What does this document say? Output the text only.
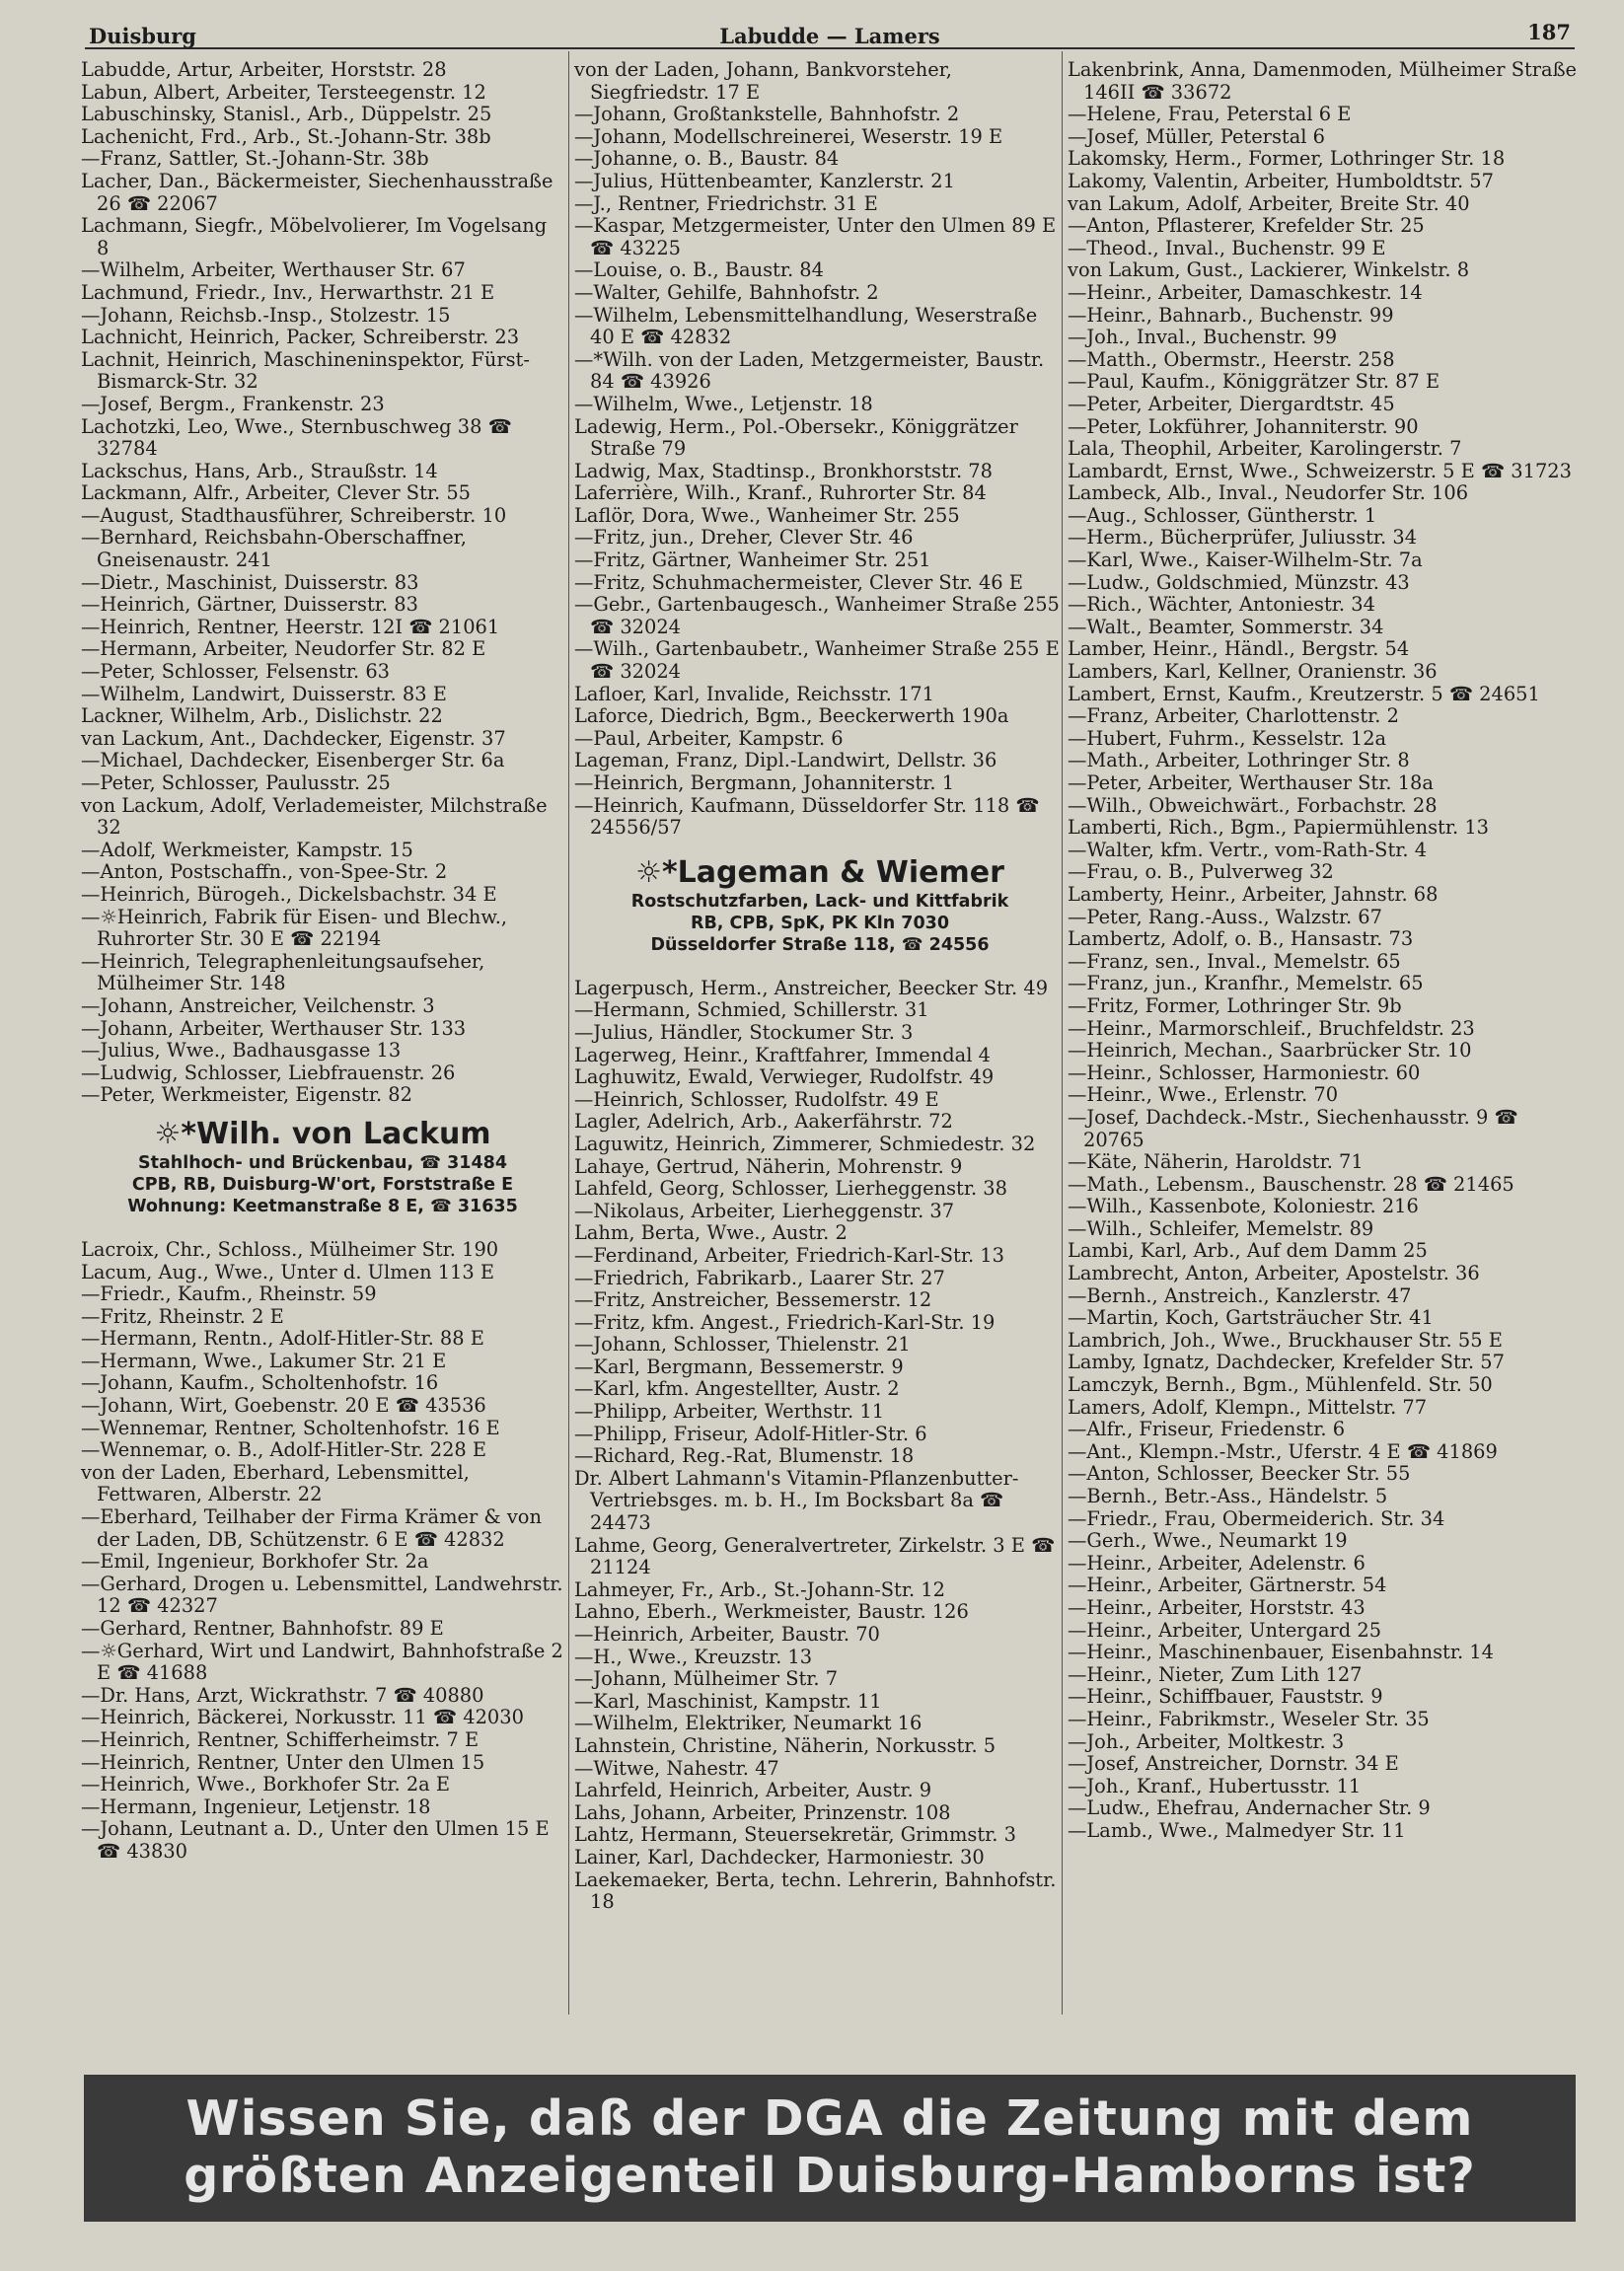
Duisburg	Labudde — Lamers	187
Labudde, Artur, Arbeiter, Horststr. 28
Labun, Albert, Arbeiter, Tersteegenstr. 12
Labuschinsky, Stanisl., Arb., Düppelstr. 25
Lachenicht, Frd., Arb., St.-Johann-Str. 38b
—Franz, Sattler, St.-Johann-Str. 38b
Lacher, Dan., Bäckermeister, Siechenhausstraße 26 ☎ 22067
Lachmann, Siegfr., Möbelvolierer, Im Vogelsang 8
—Wilhelm, Arbeiter, Werthauser Str. 67
Lachmund, Friedr., Inv., Herwarthstr. 21 E
—Johann, Reichsb.-Insp., Stolzestr. 15
Lachnicht, Heinrich, Packer, Schreiberstr. 23
Lachnit, Heinrich, Maschineninspektor, Fürst-Bismarck-Str. 32
—Josef, Bergm., Frankenstr. 23
Lachotzki, Leo, Wwe., Sternbuschweg 38 ☎ 32784
Lackschus, Hans, Arb., Straußstr. 14
Lackmann, Alfr., Arbeiter, Clever Str. 55
—August, Stadthausführer, Schreiberstr. 10
—Bernhard, Reichsbahn-Oberschaffner, Gneisenaustr. 241
—Dietr., Maschinist, Duisserstr. 83
—Heinrich, Gärtner, Duisserstr. 83
—Heinrich, Rentner, Heerstr. 12I ☎ 21061
—Hermann, Arbeiter, Neudorfer Str. 82 E
—Peter, Schlosser, Felsenstr. 63
—Wilhelm, Landwirt, Duisserstr. 83 E
Lackner, Wilhelm, Arb., Dislichstr. 22
van Lackum, Ant., Dachdecker, Eigenstr. 37
—Michael, Dachdecker, Eisenberger Str. 6a
—Peter, Schlosser, Paulusstr. 25
von Lackum, Adolf, Verlademeister, Milchstraße 32
—Adolf, Werkmeister, Kampstr. 15
—Anton, Postschaffn., von-Spee-Str. 2
—Heinrich, Bürogeh., Dickelsbachstr. 34 E
—☼Heinrich, Fabrik für Eisen- und Blechw., Ruhrorter Str. 30 E ☎ 22194
—Heinrich, Telegraphenleitungsaufseher, Mülheimer Str. 148
—Johann, Anstreicher, Veilchenstr. 3
—Johann, Arbeiter, Werthauser Str. 133
—Julius, Wwe., Badhausgasse 13
—Ludwig, Schlosser, Liebfrauenstr. 26
—Peter, Werkmeister, Eigenstr. 82
☼*Wilh. von Lackum
Stahlhoch- und Brückenbau, ☎ 31484
CPB, RB, Duisburg-W'ort, Forststraße E
Wohnung: Keetmanstraße 8 E, ☎ 31635
Lacroix, Chr., Schloss., Mülheimer Str. 190
Lacum, Aug., Wwe., Unter d. Ulmen 113 E
—Friedr., Kaufm., Rheinstr. 59
—Fritz, Rheinstr. 2 E
—Hermann, Rentn., Adolf-Hitler-Str. 88 E
—Hermann, Wwe., Lakumer Str. 21 E
—Johann, Kaufm., Scholtenhofstr. 16
—Johann, Wirt, Goebenstr. 20 E ☎ 43536
—Wennemar, Rentner, Scholtenhofstr. 16 E
—Wennemar, o. B., Adolf-Hitler-Str. 228 E
von der Laden, Eberhard, Lebensmittel, Fettwaren, Alberstr. 22
—Eberhard, Teilhaber der Firma Krämer & von der Laden, DB, Schützenstr. 6 E ☎ 42832
—Emil, Ingenieur, Borkhofer Str. 2a
—Gerhard, Drogen u. Lebensmittel, Landwehrstr. 12 ☎ 42327
—Gerhard, Rentner, Bahnhofstr. 89 E
—☼Gerhard, Wirt und Landwirt, Bahnhofstraße 2 E ☎ 41688
—Dr. Hans, Arzt, Wickrathstr. 7 ☎ 40880
—Heinrich, Bäckerei, Norkusstr. 11 ☎ 42030
—Heinrich, Rentner, Schifferheimstr. 7 E
—Heinrich, Rentner, Unter den Ulmen 15
—Heinrich, Wwe., Borkhofer Str. 2a E
—Hermann, Ingenieur, Letjenstr. 18
—Johann, Leutnant a. D., Unter den Ulmen 15 E ☎ 43830
von der Laden, Johann, Bankvorsteher, Siegfriedstr. 17 E
—Johann, Großtankstelle, Bahnhofstr. 2
—Johann, Modellschreinerei, Weserstr. 19 E
—Johanne, o. B., Baustr. 84
—Julius, Hüttenbeamter, Kanzlerstr. 21
—J., Rentner, Friedrichstr. 31 E
—Kaspar, Metzgermeister, Unter den Ulmen 89 E ☎ 43225
—Louise, o. B., Baustr. 84
—Walter, Gehilfe, Bahnhofstr. 2
—Wilhelm, Lebensmittelhandlung, Weserstraße 40 E ☎ 42832
—*Wilh. von der Laden, Metzgermeister, Baustr. 84 ☎ 43926
—Wilhelm, Wwe., Letjenstr. 18
Ladewig, Herm., Pol.-Obersekr., Königgrätzer Straße 79
Ladwig, Max, Stadtinsp., Bronkhorststr. 78
Laferrière, Wilh., Kranf., Ruhrorter Str. 84
Laflör, Dora, Wwe., Wanheimer Str. 255
—Fritz, jun., Dreher, Clever Str. 46
—Fritz, Gärtner, Wanheimer Str. 251
—Fritz, Schuhmachermeister, Clever Str. 46 E
—Gebr., Gartenbaugesch., Wanheimer Straße 255 ☎ 32024
—Wilh., Gartenbaubetr., Wanheimer Straße 255 E ☎ 32024
Lafloer, Karl, Invalide, Reichsstr. 171
Laforce, Diedrich, Bgm., Beeckerwerth 190a
—Paul, Arbeiter, Kampstr. 6
Lageman, Franz, Dipl.-Landwirt, Dellstr. 36
—Heinrich, Bergmann, Johanniterstr. 1
—Heinrich, Kaufmann, Düsseldorfer Str. 118 ☎ 24556/57
☼*Lageman & Wiemer
Rostschutzfarben, Lack- und Kittfabrik
RB, CPB, SpK, PK Kln 7030
Düsseldorfer Straße 118, ☎ 24556
Lagerpusch, Herm., Anstreicher, Beecker Str. 49
—Hermann, Schmied, Schillerstr. 31
—Julius, Händler, Stockumer Str. 3
Lagerweg, Heinr., Kraftfahrer, Immendal 4
Laghuwitz, Ewald, Verwieger, Rudolfstr. 49
—Heinrich, Schlosser, Rudolfstr. 49 E
Lagler, Adelrich, Arb., Aakerfährstr. 72
Laguwitz, Heinrich, Zimmerer, Schmiedestr. 32
Lahaye, Gertrud, Näherin, Mohrenstr. 9
Lahfeld, Georg, Schlosser, Lierheggenstr. 38
—Nikolaus, Arbeiter, Lierheggenstr. 37
Lahm, Berta, Wwe., Austr. 2
—Ferdinand, Arbeiter, Friedrich-Karl-Str. 13
—Friedrich, Fabrikarb., Laarer Str. 27
—Fritz, Anstreicher, Bessemerstr. 12
—Fritz, kfm. Angest., Friedrich-Karl-Str. 19
—Johann, Schlosser, Thielenstr. 21
—Karl, Bergmann, Bessemerstr. 9
—Karl, kfm. Angestellter, Austr. 2
—Philipp, Arbeiter, Werthstr. 11
—Philipp, Friseur, Adolf-Hitler-Str. 6
—Richard, Reg.-Rat, Blumenstr. 18
Dr. Albert Lahmann's Vitamin-Pflanzenbutter-Vertriebsges. m. b. H., Im Bocksbart 8a ☎ 24473
Lahme, Georg, Generalvertreter, Zirkelstr. 3 E ☎ 21124
Lahmeyer, Fr., Arb., St.-Johann-Str. 12
Lahno, Eberh., Werkmeister, Baustr. 126
—Heinrich, Arbeiter, Baustr. 70
—H., Wwe., Kreuzstr. 13
—Johann, Mülheimer Str. 7
—Karl, Maschinist, Kampstr. 11
—Wilhelm, Elektriker, Neumarkt 16
Lahnstein, Christine, Näherin, Norkusstr. 5
—Witwe, Nahestr. 47
Lahrfeld, Heinrich, Arbeiter, Austr. 9
Lahs, Johann, Arbeiter, Prinzenstr. 108
Lahtz, Hermann, Steuersekretär, Grimmstr. 3
Lainer, Karl, Dachdecker, Harmoniestr. 30
Laekemaeker, Berta, techn. Lehrerin, Bahnhofstr. 18
Lakenbrink, Anna, Damenmoden, Mülheimer Straße 146II ☎ 33672
—Helene, Frau, Peterstal 6 E
—Josef, Müller, Peterstal 6
Lakomsky, Herm., Former, Lothringer Str. 18
Lakomy, Valentin, Arbeiter, Humboldtstr. 57
van Lakum, Adolf, Arbeiter, Breite Str. 40
—Anton, Pflasterer, Krefelder Str. 25
—Theod., Inval., Buchenstr. 99 E
von Lakum, Gust., Lackierer, Winkelstr. 8
—Heinr., Arbeiter, Damaschkestr. 14
—Heinr., Bahnarb., Buchenstr. 99
—Joh., Inval., Buchenstr. 99
—Matth., Obermstr., Heerstr. 258
—Paul, Kaufm., Königgrätzer Str. 87 E
—Peter, Arbeiter, Diergardtstr. 45
—Peter, Lokführer, Johanniterstr. 90
Lala, Theophil, Arbeiter, Karolingerstr. 7
Lambardt, Ernst, Wwe., Schweizerstr. 5 E ☎ 31723
Lambeck, Alb., Inval., Neudorfer Str. 106
—Aug., Schlosser, Güntherstr. 1
—Herm., Bücherprüfer, Juliusstr. 34
—Karl, Wwe., Kaiser-Wilhelm-Str. 7a
—Ludw., Goldschmied, Münzstr. 43
—Rich., Wächter, Antoniestr. 34
—Walt., Beamter, Sommerstr. 34
Lamber, Heinr., Händl., Bergstr. 54
Lambers, Karl, Kellner, Oranienstr. 36
Lambert, Ernst, Kaufm., Kreutzerstr. 5 ☎ 24651
—Franz, Arbeiter, Charlottenstr. 2
—Hubert, Fuhrm., Kesselstr. 12a
—Math., Arbeiter, Lothringer Str. 8
—Peter, Arbeiter, Werthauser Str. 18a
—Wilh., Obweichwärt., Forbachstr. 28
Lamberti, Rich., Bgm., Papiermühlenstr. 13
—Walter, kfm. Vertr., vom-Rath-Str. 4
—Frau, o. B., Pulverweg 32
Lamberty, Heinr., Arbeiter, Jahnstr. 68
—Peter, Rang.-Auss., Walzstr. 67
Lambertz, Adolf, o. B., Hansastr. 73
—Franz, sen., Inval., Memelstr. 65
—Franz, jun., Kranfhr., Memelstr. 65
—Fritz, Former, Lothringer Str. 9b
—Heinr., Marmorschleif., Bruchfeldstr. 23
—Heinrich, Mechan., Saarbrücker Str. 10
—Heinr., Schlosser, Harmoniestr. 60
—Heinr., Wwe., Erlenstr. 70
—Josef, Dachdeck.-Mstr., Siechenhausstr. 9 ☎ 20765
—Käte, Näherin, Haroldstr. 71
—Math., Lebensm., Bauschenstr. 28 ☎ 21465
—Wilh., Kassenbote, Koloniestr. 216
—Wilh., Schleifer, Memelstr. 89
Lambi, Karl, Arb., Auf dem Damm 25
Lambrecht, Anton, Arbeiter, Apostelstr. 36
—Bernh., Anstreich., Kanzlerstr. 47
—Martin, Koch, Gartsträucher Str. 41
Lambrich, Joh., Wwe., Bruckhauser Str. 55 E
Lamby, Ignatz, Dachdecker, Krefelder Str. 57
Lamczyk, Bernh., Bgm., Mühlenfeld. Str. 50
Lamers, Adolf, Klempn., Mittelstr. 77
—Alfr., Friseur, Friedenstr. 6
—Ant., Klempn.-Mstr., Uferstr. 4 E ☎ 41869
—Anton, Schlosser, Beecker Str. 55
—Bernh., Betr.-Ass., Händelstr. 5
—Friedr., Frau, Obermeiderich. Str. 34
—Gerh., Wwe., Neumarkt 19
—Heinr., Arbeiter, Adelenstr. 6
—Heinr., Arbeiter, Gärtnerstr. 54
—Heinr., Arbeiter, Horststr. 43
—Heinr., Arbeiter, Untergard 25
—Heinr., Maschinenbauer, Eisenbahnstr. 14
—Heinr., Nieter, Zum Lith 127
—Heinr., Schiffbauer, Fauststr. 9
—Heinr., Fabrikmstr., Weseler Str. 35
—Joh., Arbeiter, Moltkestr. 3
—Josef, Anstreicher, Dornstr. 34 E
—Joh., Kranf., Hubertusstr. 11
—Ludw., Ehefrau, Andernacher Str. 9
—Lamb., Wwe., Malmedyer Str. 11
Wissen Sie, daß der DGA die Zeitung mit dem
größten Anzeigenteil Duisburg-Hamborns ist?
